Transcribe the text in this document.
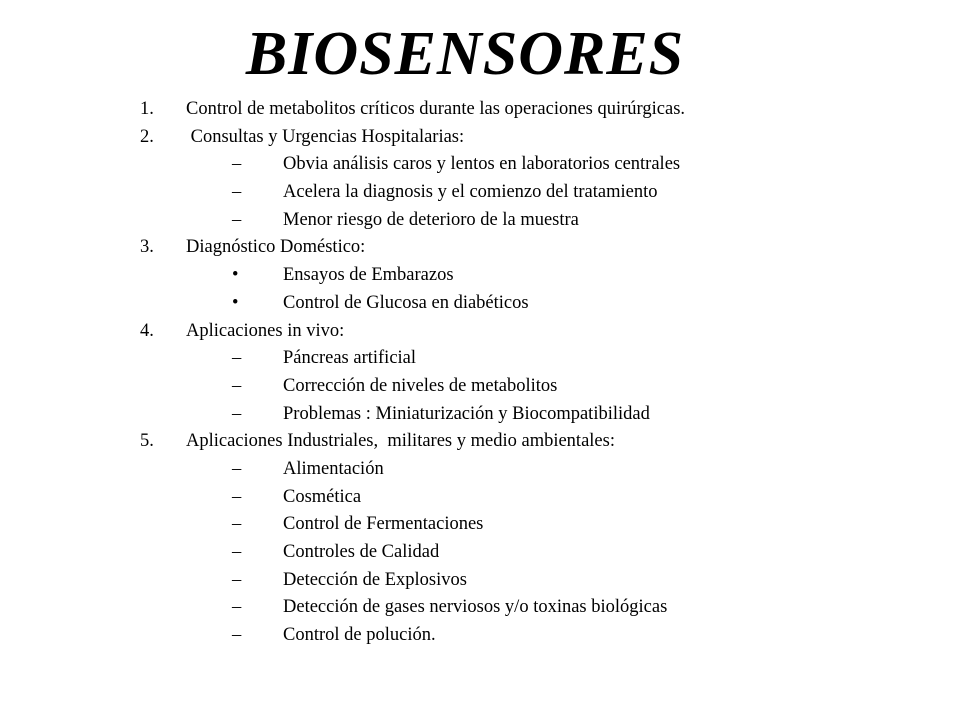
BIOSENSORES
1. Control de metabolitos críticos durante las operaciones quirúrgicas.
2. Consultas y Urgencias Hospitalarias:
– Obvia análisis caros y lentos en laboratorios centrales
– Acelera la diagnosis y el comienzo del tratamiento
– Menor riesgo de deterioro de la muestra
3. Diagnóstico Doméstico:
• Ensayos de Embarazos
• Control de Glucosa en diabéticos
4. Aplicaciones in vivo:
– Páncreas artificial
– Corrección de niveles de metabolitos
– Problemas : Miniaturización y Biocompatibilidad
5. Aplicaciones Industriales,  militares y medio ambientales:
– Alimentación
– Cosmética
– Control de Fermentaciones
– Controles de Calidad
– Detección de Explosivos
– Detección de gases nerviosos y/o toxinas biológicas
– Control de polución.
